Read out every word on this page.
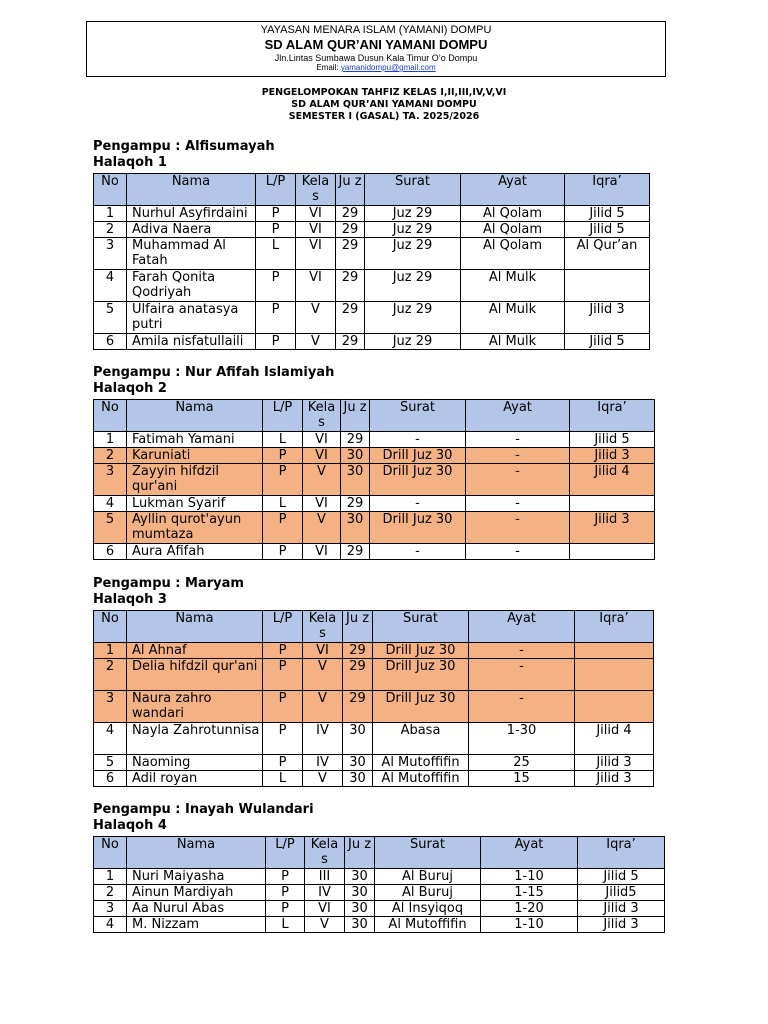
YAYASAN MENARA ISLAM (YAMANI) DOMPU
SD ALAM QUR’ANI YAMANI DOMPU
Jln.Lintas Sumbawa Dusun Kala Timur O’o Dompu
Email: yamanidompu@gmail.com
PENGELOMPOKAN TAHFIZ KELAS I,II,III,IV,V,VI
SD ALAM QUR’ANI YAMANI DOMPU
SEMESTER I (GASAL) TA. 2025/2026
Pengampu : Alfisumayah
Halaqoh 1
No	Nama	L/P	Kela s	Ju z	Surat	Ayat	Iqra’
1	Nurhul Asyfirdaini	P	VI	29	Juz 29	Al Qolam	Jilid 5
2	Adiva Naera	P	VI	29	Juz 29	Al Qolam	Jilid 5
3	Muhammad Al Fatah	L	VI	29	Juz 29	Al Qolam	Al Qur’an
4	Farah Qonita Qodriyah	P	VI	29	Juz 29	Al Mulk	
5	Ulfaira anatasya putri	P	V	29	Juz 29	Al Mulk	Jilid 3
6	Amila nisfatullaili	P	V	29	Juz 29	Al Mulk	Jilid 5
Pengampu : Nur Afifah Islamiyah
Halaqoh 2
No	Nama	L/P	Kela s	Ju z	Surat	Ayat	Iqra’
1	Fatimah Yamani	L	VI	29	-	-	Jilid 5
2	Karuniati	P	VI	30	Drill Juz 30	-	Jilid 3
3	Zayyin hifdzil qur'ani	P	V	30	Drill Juz 30	-	Jilid 4
4	Lukman Syarif	L	VI	29	-	-	
5	Ayllin qurot'ayun mumtaza	P	V	30	Drill Juz 30	-	Jilid 3
6	Aura Afifah	P	VI	29	-	-	
Pengampu : Maryam
Halaqoh 3
No	Nama	L/P	Kela s	Ju z	Surat	Ayat	Iqra’
1	Al Ahnaf	P	VI	29	Drill Juz 30	-	
2	Delia hifdzil qur'ani	P	V	29	Drill Juz 30	-	
3	Naura zahro wandari	P	V	29	Drill Juz 30	-	
4	Nayla Zahrotunnisa	P	IV	30	Abasa	1-30	Jilid 4
5	Naoming	P	IV	30	Al Mutoffifin	25	Jilid 3
6	Adil royan	L	V	30	Al Mutoffifin	15	Jilid 3
Pengampu : Inayah Wulandari
Halaqoh 4
No	Nama	L/P	Kela s	Ju z	Surat	Ayat	Iqra’
1	Nuri Maiyasha	P	III	30	Al Buruj	1-10	Jilid 5
2	Ainun Mardiyah	P	IV	30	Al Buruj	1-15	Jilid5
3	Aa Nurul Abas	P	VI	30	Al Insyiqoq	1-20	Jilid 3
4	M. Nizzam	L	V	30	Al Mutoffifin	1-10	Jilid 3
